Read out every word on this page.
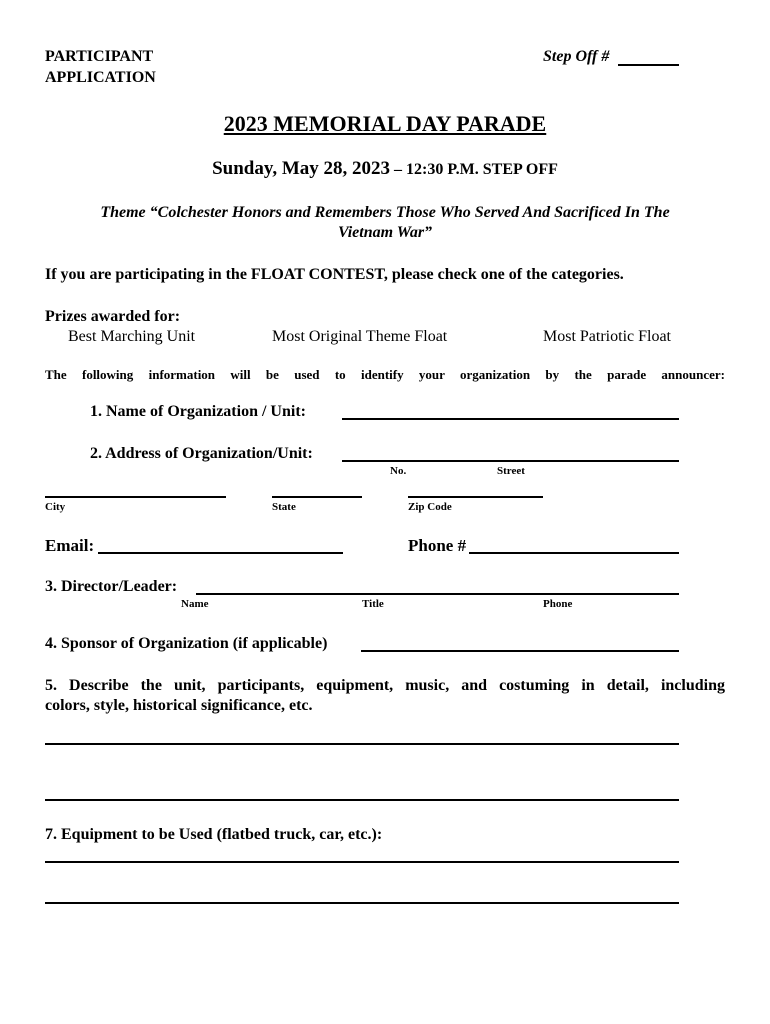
PARTICIPANT
APPLICATION
Step Off #
2023 MEMORIAL DAY PARADE
Sunday, May 28, 2023 – 12:30 P.M. STEP OFF
Theme “Colchester Honors and Remembers Those Who Served And Sacrificed In The
Vietnam War”
If you are participating in the FLOAT CONTEST, please check one of the categories.
Prizes awarded for:
Best Marching Unit	Most Original Theme Float	Most Patriotic Float
The following information will be used to identify your organization by the parade announcer:
1. Name of Organization / Unit:
2. Address of Organization/Unit:
No.	Street
City	State	Zip Code
Email:	Phone #
3. Director/Leader:
Name	Title	Phone
4. Sponsor of Organization (if applicable)
5. Describe the unit, participants, equipment, music, and costuming in detail, including
colors, style, historical significance, etc.
7. Equipment to be Used (flatbed truck, car, etc.):
